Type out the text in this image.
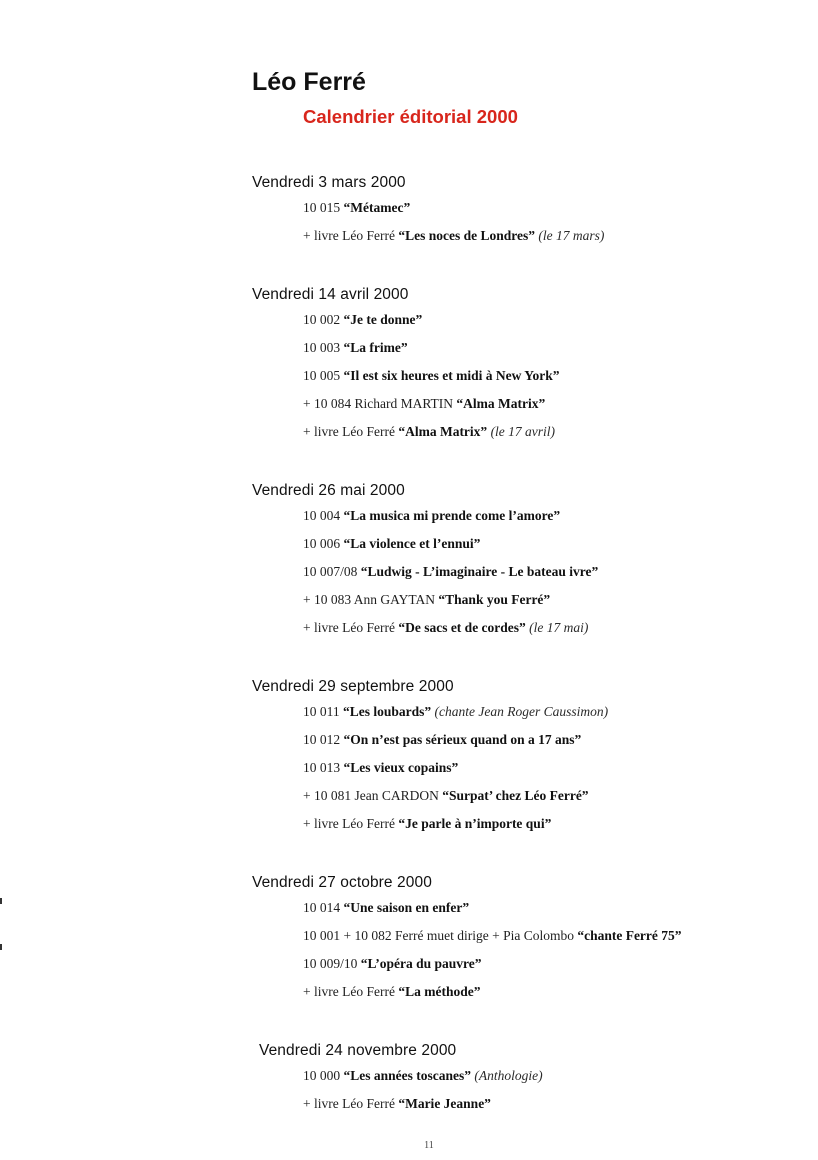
Léo Ferré
Calendrier éditorial 2000
Vendredi 3 mars 2000
10 015 “Métamec”
+ livre Léo Ferré “Les noces de Londres” (le 17 mars)
Vendredi 14 avril 2000
10 002 “Je te donne”
10 003 “La frime”
10 005 “Il est six heures et midi à New York”
+ 10 084 Richard MARTIN “Alma Matrix”
+ livre Léo Ferré “Alma Matrix” (le 17 avril)
Vendredi 26 mai 2000
10 004 “La musica mi prende come l’amore”
10 006 “La violence et l’ennui”
10 007/08 “Ludwig - L’imaginaire - Le bateau ivre”
+ 10 083 Ann GAYTAN “Thank you Ferré”
+ livre Léo Ferré “De sacs et de cordes” (le 17 mai)
Vendredi 29 septembre 2000
10 011 “Les loubards” (chante Jean Roger Caussimon)
10 012 “On n’est pas sérieux quand on a 17 ans”
10 013 “Les vieux copains”
+ 10 081 Jean CARDON “Surpat’ chez Léo Ferré”
+ livre Léo Ferré “Je parle à n’importe qui”
Vendredi 27 octobre 2000
10 014 “Une saison en enfer”
10 001 + 10 082 Ferré muet dirige + Pia Colombo “chante Ferré 75”
10 009/10 “L’opéra du pauvre”
+ livre Léo Ferré “La méthode”
Vendredi 24 novembre 2000
10 000 “Les années toscanes” (Anthologie)
+ livre Léo Ferré “Marie Jeanne”
11
